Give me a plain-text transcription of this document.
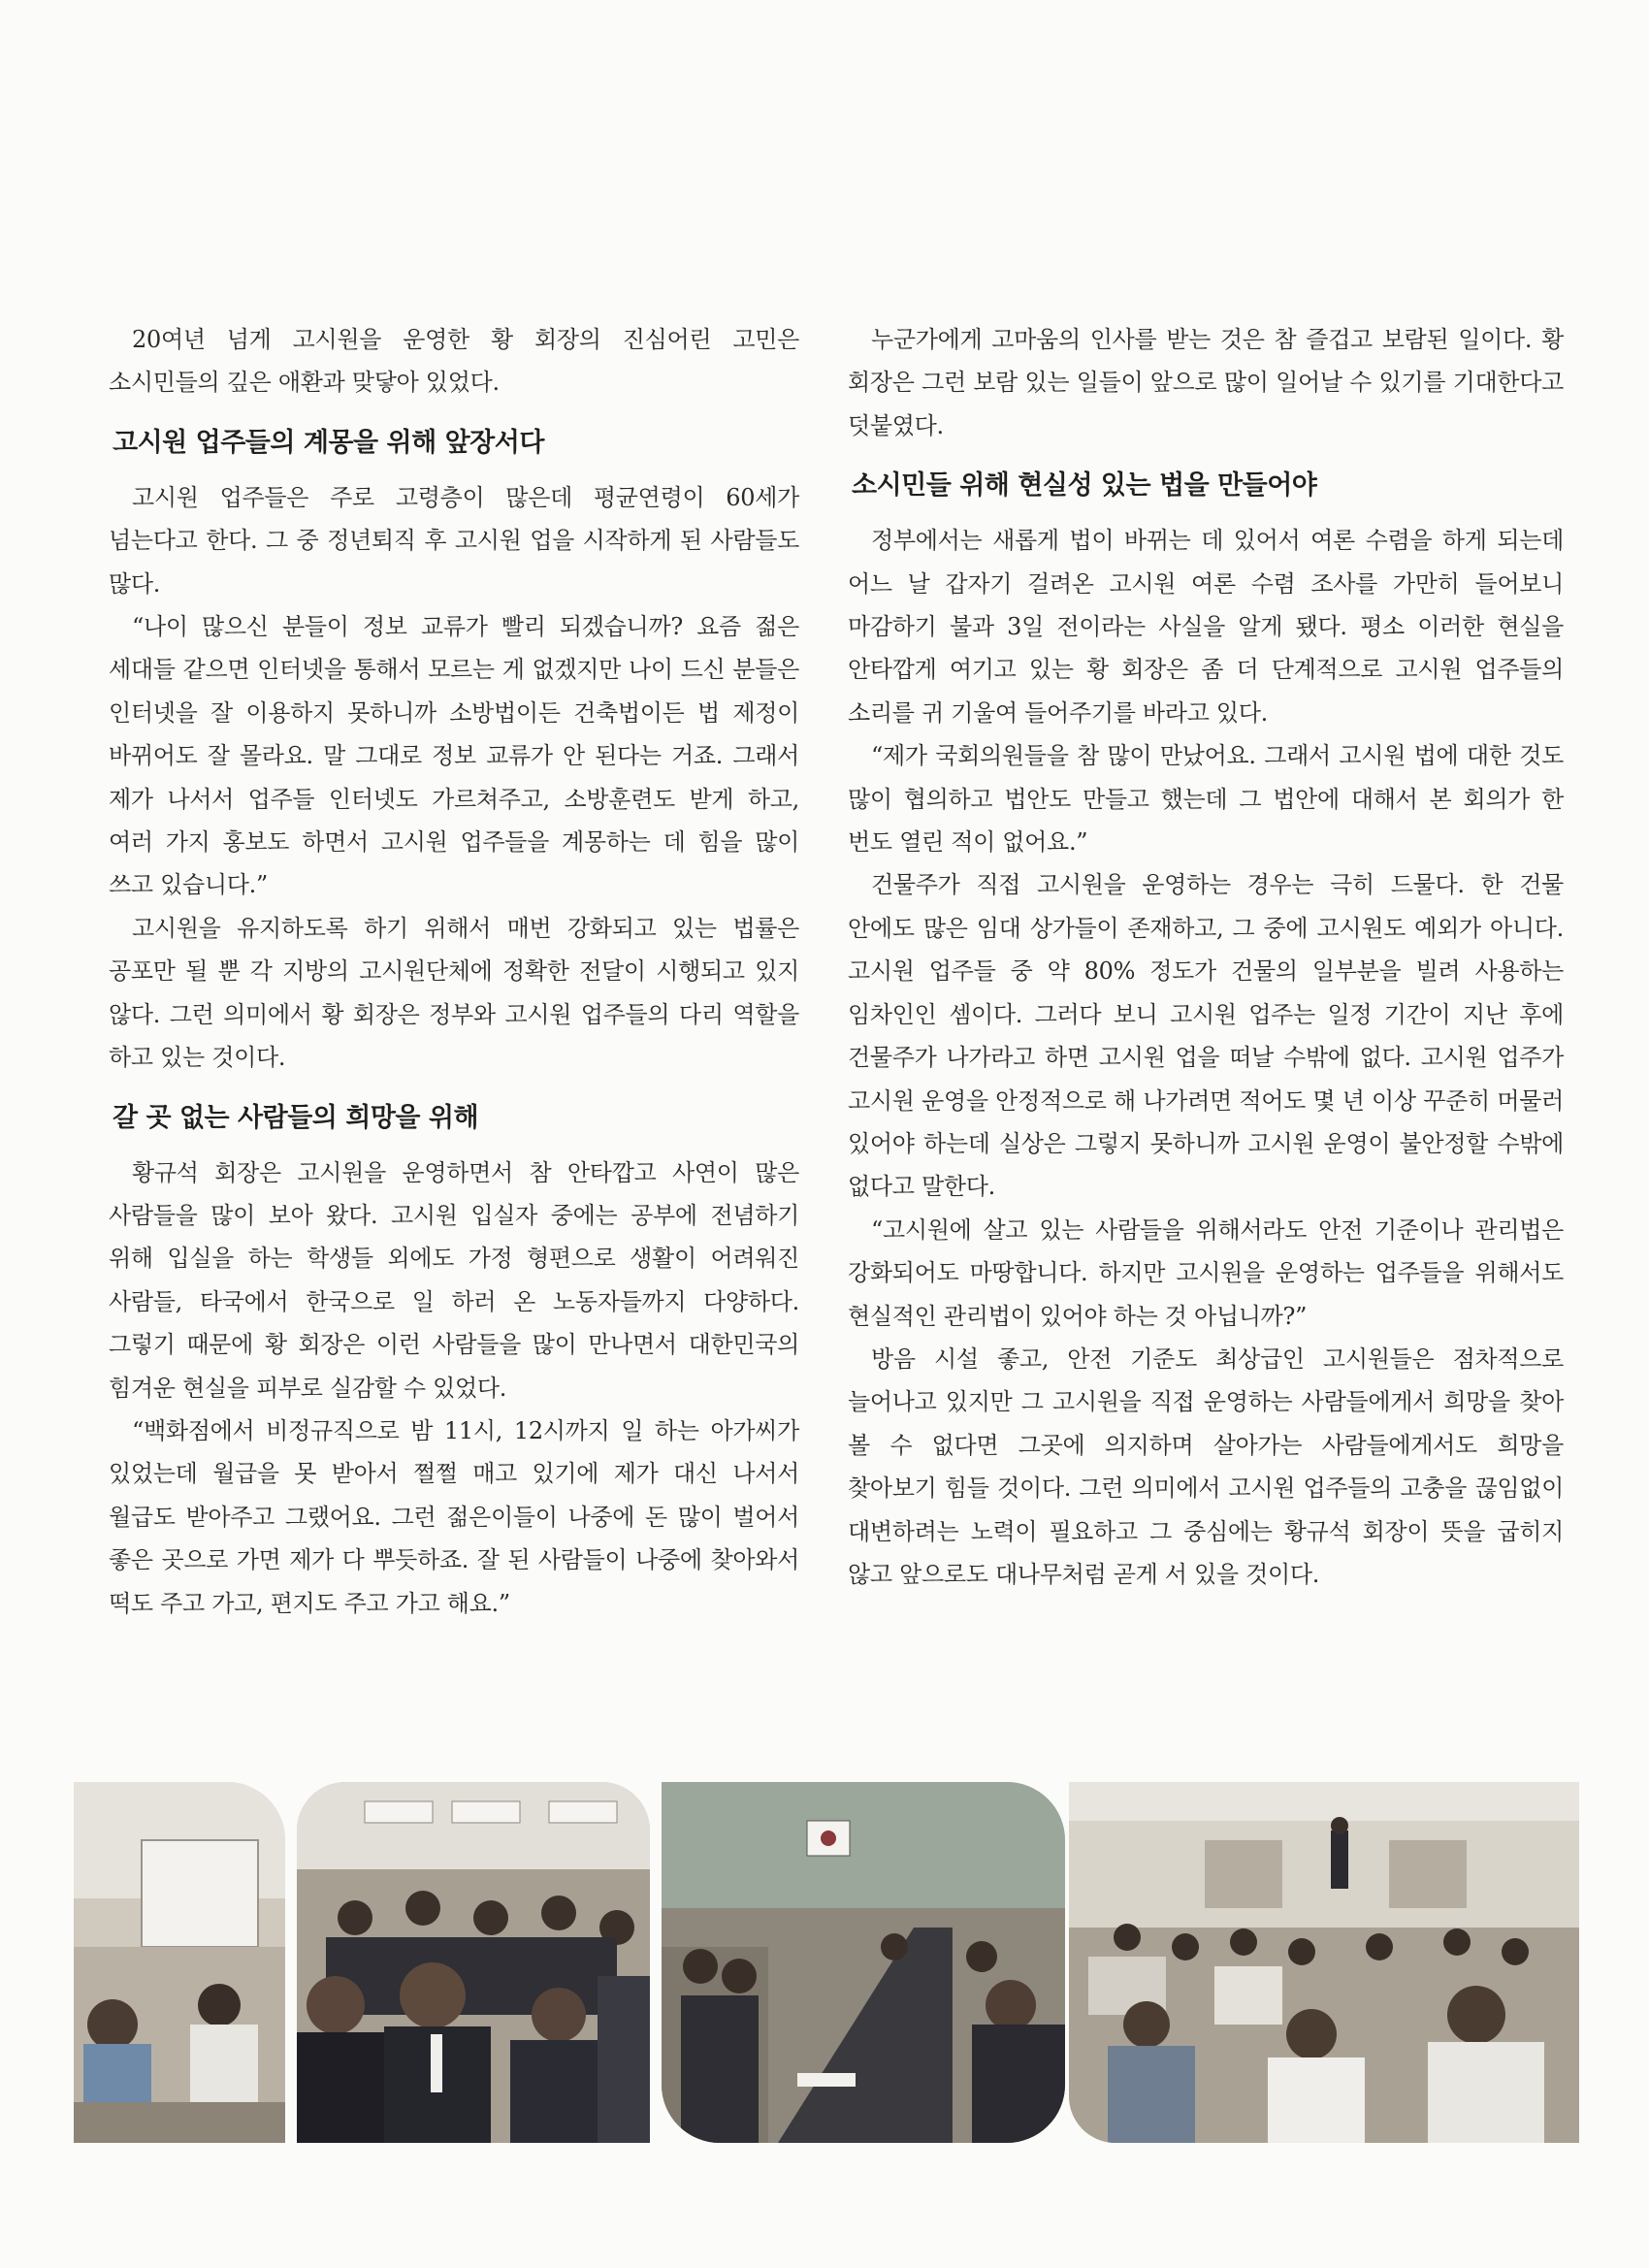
20여년 넘게 고시원을 운영한 황 회장의 진심어린 고민은 소시민들의 깊은 애환과 맞닿아 있었다.

고시원 업주들의 계몽을 위해 앞장서다

고시원 업주들은 주로 고령층이 많은데 평균연령이 60세가 넘는다고 한다. 그 중 정년퇴직 후 고시원 업을 시작하게 된 사람들도 많다.

“나이 많으신 분들이 정보 교류가 빨리 되겠습니까? 요즘 젊은 세대들 같으면 인터넷을 통해서 모르는 게 없겠지만 나이 드신 분들은 인터넷을 잘 이용하지 못하니까 소방법이든 건축법이든 법 제정이 바뀌어도 잘 몰라요. 말 그대로 정보 교류가 안 된다는 거죠. 그래서 제가 나서서 업주들 인터넷도 가르쳐주고, 소방훈련도 받게 하고, 여러 가지 홍보도 하면서 고시원 업주들을 계몽하는 데 힘을 많이 쓰고 있습니다.”

고시원을 유지하도록 하기 위해서 매번 강화되고 있는 법률은 공포만 될 뿐 각 지방의 고시원단체에 정확한 전달이 시행되고 있지 않다. 그런 의미에서 황 회장은 정부와 고시원 업주들의 다리 역할을 하고 있는 것이다.

갈 곳 없는 사람들의 희망을 위해

황규석 회장은 고시원을 운영하면서 참 안타깝고 사연이 많은 사람들을 많이 보아 왔다. 고시원 입실자 중에는 공부에 전념하기 위해 입실을 하는 학생들 외에도 가정 형편으로 생활이 어려워진 사람들, 타국에서 한국으로 일 하러 온 노동자들까지 다양하다. 그렇기 때문에 황 회장은 이런 사람들을 많이 만나면서 대한민국의 힘겨운 현실을 피부로 실감할 수 있었다.

“백화점에서 비정규직으로 밤 11시, 12시까지 일 하는 아가씨가 있었는데 월급을 못 받아서 쩔쩔 매고 있기에 제가 대신 나서서 월급도 받아주고 그랬어요. 그런 젊은이들이 나중에 돈 많이 벌어서 좋은 곳으로 가면 제가 다 뿌듯하죠. 잘 된 사람들이 나중에 찾아와서 떡도 주고 가고, 편지도 주고 가고 해요.”

누군가에게 고마움의 인사를 받는 것은 참 즐겁고 보람된 일이다. 황 회장은 그런 보람 있는 일들이 앞으로 많이 일어날 수 있기를 기대한다고 덧붙였다.

소시민들 위해 현실성 있는 법을 만들어야

정부에서는 새롭게 법이 바뀌는 데 있어서 여론 수렴을 하게 되는데 어느 날 갑자기 걸려온 고시원 여론 수렴 조사를 가만히 들어보니 마감하기 불과 3일 전이라는 사실을 알게 됐다. 평소 이러한 현실을 안타깝게 여기고 있는 황 회장은 좀 더 단계적으로 고시원 업주들의 소리를 귀 기울여 들어주기를 바라고 있다.

“제가 국회의원들을 참 많이 만났어요. 그래서 고시원 법에 대한 것도 많이 협의하고 법안도 만들고 했는데 그 법안에 대해서 본 회의가 한 번도 열린 적이 없어요.”

건물주가 직접 고시원을 운영하는 경우는 극히 드물다. 한 건물 안에도 많은 임대 상가들이 존재하고, 그 중에 고시원도 예외가 아니다. 고시원 업주들 중 약 80% 정도가 건물의 일부분을 빌려 사용하는 임차인인 셈이다. 그러다 보니 고시원 업주는 일정 기간이 지난 후에 건물주가 나가라고 하면 고시원 업을 떠날 수밖에 없다. 고시원 업주가 고시원 운영을 안정적으로 해 나가려면 적어도 몇 년 이상 꾸준히 머물러 있어야 하는데 실상은 그렇지 못하니까 고시원 운영이 불안정할 수밖에 없다고 말한다.

“고시원에 살고 있는 사람들을 위해서라도 안전 기준이나 관리법은 강화되어도 마땅합니다. 하지만 고시원을 운영하는 업주들을 위해서도 현실적인 관리법이 있어야 하는 것 아닙니까?”

방음 시설 좋고, 안전 기준도 최상급인 고시원들은 점차적으로 늘어나고 있지만 그 고시원을 직접 운영하는 사람들에게서 희망을 찾아 볼 수 없다면 그곳에 의지하며 살아가는 사람들에게서도 희망을 찾아보기 힘들 것이다. 그런 의미에서 고시원 업주들의 고충을 끊임없이 대변하려는 노력이 필요하고 그 중심에는 황규석 회장이 뜻을 굽히지 않고 앞으로도 대나무처럼 곧게 서 있을 것이다.
